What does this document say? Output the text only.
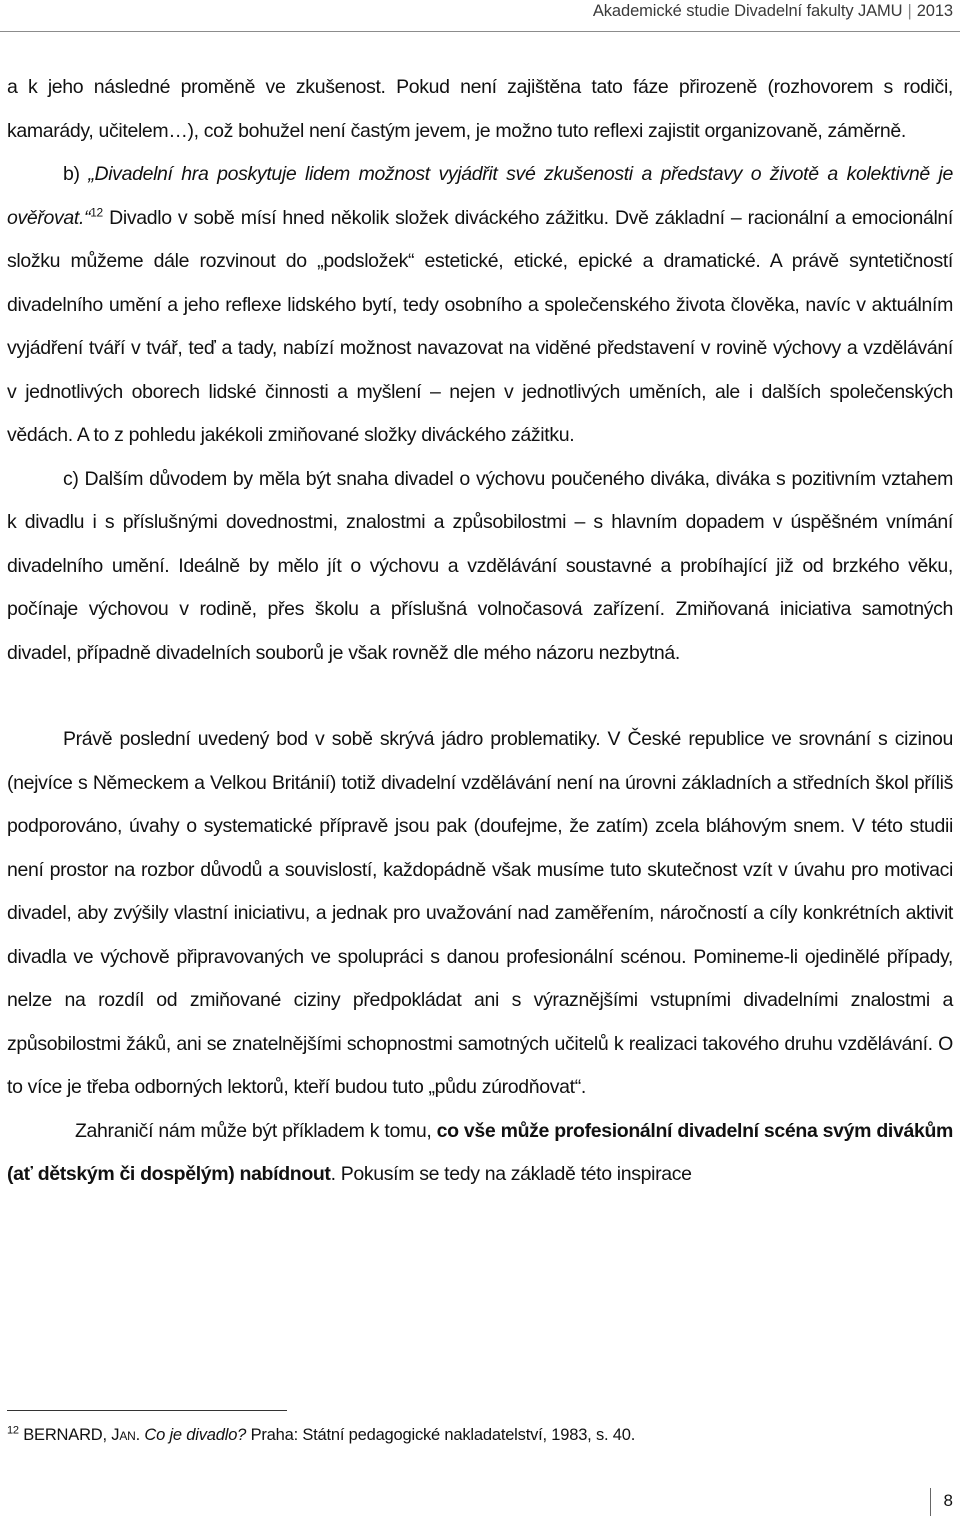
Akademické studie Divadelní fakulty JAMU | 2013

a k jeho následné proměně ve zkušenost. Pokud není zajištěna tato fáze přirozeně (rozhovorem s rodiči, kamarády, učitelem…), což bohužel není častým jevem, je možno tuto reflexi zajistit organizovaně, záměrně.

b) „Divadelní hra poskytuje lidem možnost vyjádřit své zkušenosti a představy o životě a kolektivně je ověřovat.“$^{12}$ Divadlo v sobě mísí hned několik složek diváckého zážitku. Dvě základní – racionální a emocionální složku můžeme dále rozvinout do „podsložek“ estetické, etické, epické a dramatické. A právě syntetičností divadelního umění a jeho reflexe lidského bytí, tedy osobního a společenského života člověka, navíc v aktuálním vyjádření tváří v tvář, teď a tady, nabízí možnost navazovat na viděné představení v rovině výchovy a vzdělávání v jednotlivých oborech lidské činnosti a myšlení – nejen v jednotlivých uměních, ale i dalších společenských vědách. A to z pohledu jakékoli zmiňované složky diváckého zážitku.

c) Dalším důvodem by měla být snaha divadel o výchovu poučeného diváka, diváka s pozitivním vztahem k divadlu i s příslušnými dovednostmi, znalostmi a způsobilostmi – s hlavním dopadem v úspěšném vnímání divadelního umění. Ideálně by mělo jít o výchovu a vzdělávání soustavné a probíhající již od brzkého věku, počínaje výchovou v rodině, přes školu a příslušná volnočasová zařízení. Zmiňovaná iniciativa samotných divadel, případně divadelních souborů je však rovněž dle mého názoru nezbytná.

Právě poslední uvedený bod v sobě skrývá jádro problematiky. V České republice ve srovnání s cizinou (nejvíce s Německem a Velkou Británií) totiž divadelní vzdělávání není na úrovni základních a středních škol příliš podporováno, úvahy o systematické přípravě jsou pak (doufejme, že zatím) zcela bláhovým snem. V této studii není prostor na rozbor důvodů a souvislostí, každopádně však musíme tuto skutečnost vzít v úvahu pro motivaci divadel, aby zvýšily vlastní iniciativu, a jednak pro uvažování nad zaměřením, náročností a cíly konkrétních aktivit divadla ve výchově připravovaných ve spolupráci s danou profesionální scénou. Pomineme-li ojedinělé případy, nelze na rozdíl od zmiňované ciziny předpokládat ani s výraznějšími vstupními divadelními znalostmi a způsobilostmi žáků, ani se znatelnějšími schopnostmi samotných učitelů k realizaci takového druhu vzdělávání. O to více je třeba odborných lektorů, kteří budou tuto „půdu zúrodňovat“.

Zahraničí nám může být příkladem k tomu, co vše může profesionální divadelní scéna svým divákům (ať dětským či dospělým) nabídnout. Pokusím se tedy na základě této inspirace

$^{12}$ BERNARD, Jan. Co je divadlo? Praha: Státní pedagogické nakladatelství, 1983, s. 40.
8
